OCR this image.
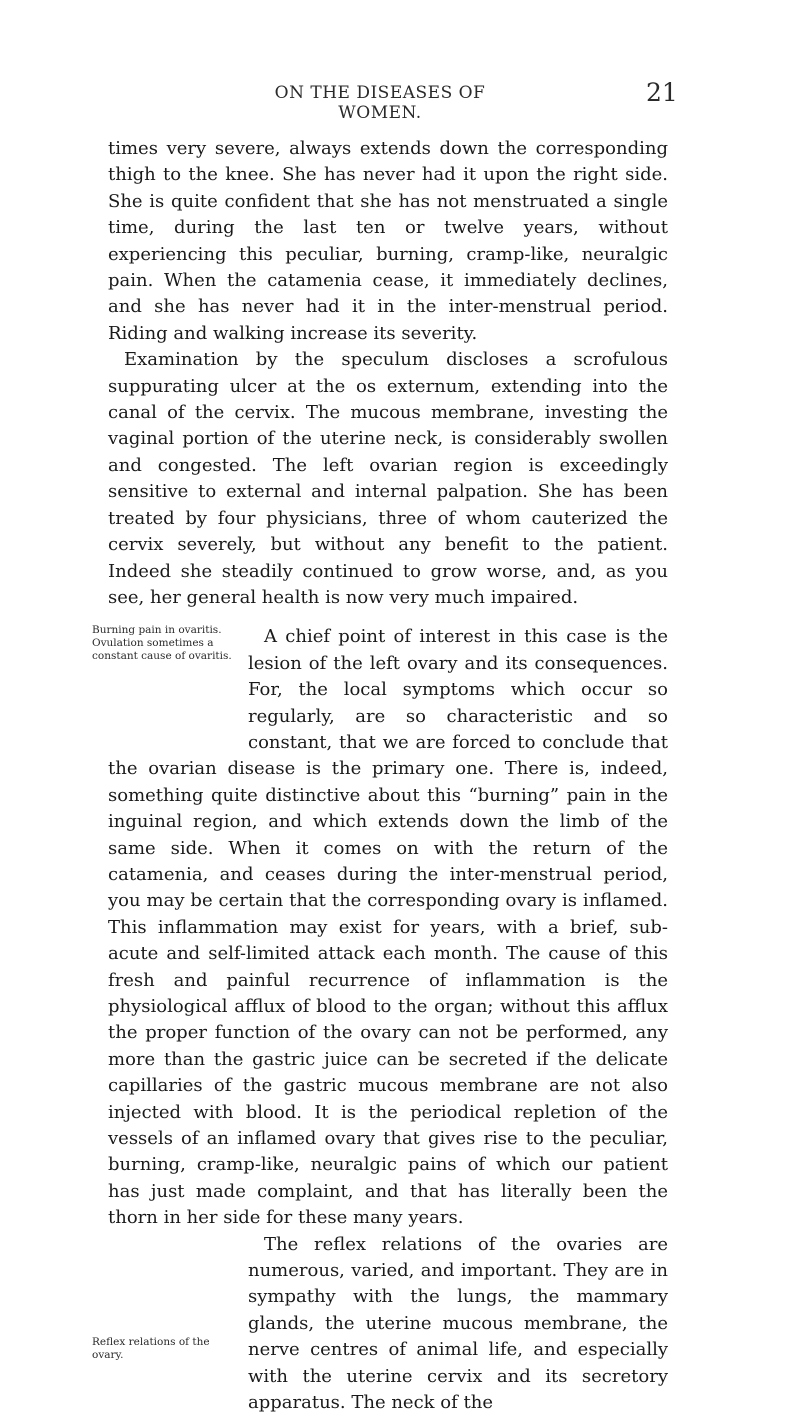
ON THE DISEASES OF WOMEN.
21

times very severe, always extends down the corresponding thigh to the knee. She has never had it upon the right side. She is quite confident that she has not menstruated a single time, during the last ten or twelve years, without experiencing this peculiar, burning, cramp-like, neuralgic pain. When the catamenia cease, it immediately declines, and she has never had it in the inter-menstrual period. Riding and walking increase its severity.

Examination by the speculum discloses a scrofulous suppurating ulcer at the os externum, extending into the canal of the cervix. The mucous membrane, investing the vaginal portion of the uterine neck, is considerably swollen and congested. The left ovarian region is exceedingly sensitive to external and internal palpation. She has been treated by four physicians, three of whom cauterized the cervix severely, but without any benefit to the patient. Indeed she steadily continued to grow worse, and, as you see, her general health is now very much impaired.

Burning pain in ovaritis. Ovulation sometimes a constant cause of ovaritis.

A chief point of interest in this case is the lesion of the left ovary and its consequences. For, the local symptoms which occur so regularly, are so characteristic and so constant, that we are forced to conclude that the ovarian disease is the primary one. There is, indeed, something quite distinctive about this “burning” pain in the inguinal region, and which extends down the limb of the same side. When it comes on with the return of the catamenia, and ceases during the inter-menstrual period, you may be certain that the corresponding ovary is inflamed. This inflammation may exist for years, with a brief, sub-acute and self-limited attack each month. The cause of this fresh and painful recurrence of inflammation is the physiological afflux of blood to the organ; without this afflux the proper function of the ovary can not be performed, any more than the gastric juice can be secreted if the delicate capillaries of the gastric mucous membrane are not also injected with blood. It is the periodical repletion of the vessels of an inflamed ovary that gives rise to the peculiar, burning, cramp-like, neuralgic pains of which our patient has just made complaint, and that has literally been the thorn in her side for these many years.

Reflex relations of the ovary.

The reflex relations of the ovaries are numerous, varied, and important. They are in sympathy with the lungs, the mammary glands, the uterine mucous membrane, the nerve centres of animal life, and especially with the uterine cervix and its secretory apparatus. The neck of the
